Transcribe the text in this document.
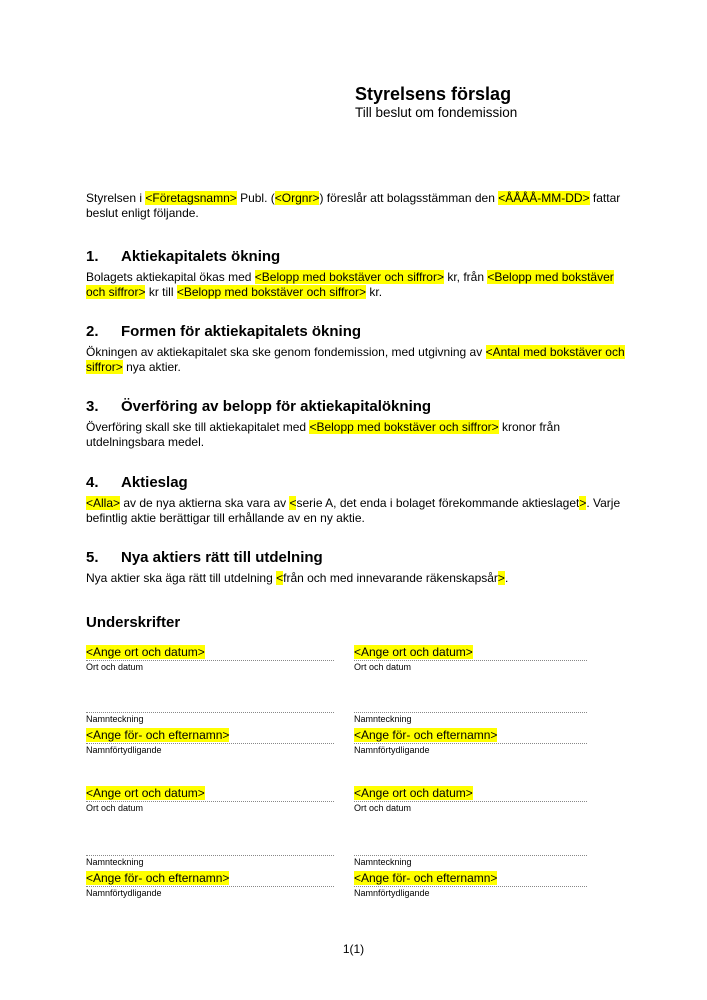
Styrelsens förslag
Till beslut om fondemission

Styrelsen i <Företagsnamn> Publ. (<Orgnr>) föreslår att bolagsstämman den <ÅÅÅÅ-MM-DD> fattar beslut enligt följande.

1. Aktiekapitalets ökning

Bolagets aktiekapital ökas med <Belopp med bokstäver och siffror> kr, från <Belopp med bokstäver och siffror> kr till <Belopp med bokstäver och siffror> kr.

2. Formen för aktiekapitalets ökning

Ökningen av aktiekapitalet ska ske genom fondemission, med utgivning av <Antal med bokstäver och siffror> nya aktier.

3. Överföring av belopp för aktiekapitalökning

Överföring skall ske till aktiekapitalet med <Belopp med bokstäver och siffror> kronor från utdelningsbara medel.

4. Aktieslag

<Alla> av de nya aktierna ska vara av <serie A, det enda i bolaget förekommande aktieslaget>. Varje befintlig aktie berättigar till erhållande av en ny aktie.

5. Nya aktiers rätt till utdelning

Nya aktier ska äga rätt till utdelning <från och med innevarande räkenskapsår>.

Underskrifter
<Ange ort och datum>
Ort och datum
<Ange ort och datum>
Ort och datum
Namnteckning
<Ange för- och efternamn>
Namnförtydligande
Namnteckning
<Ange för- och efternamn>
Namnförtydligande
<Ange ort och datum>
Ort och datum
<Ange ort och datum>
Ort och datum
Namnteckning
<Ange för- och efternamn>
Namnförtydligande
Namnteckning
<Ange för- och efternamn>
Namnförtydligande
1(1)
